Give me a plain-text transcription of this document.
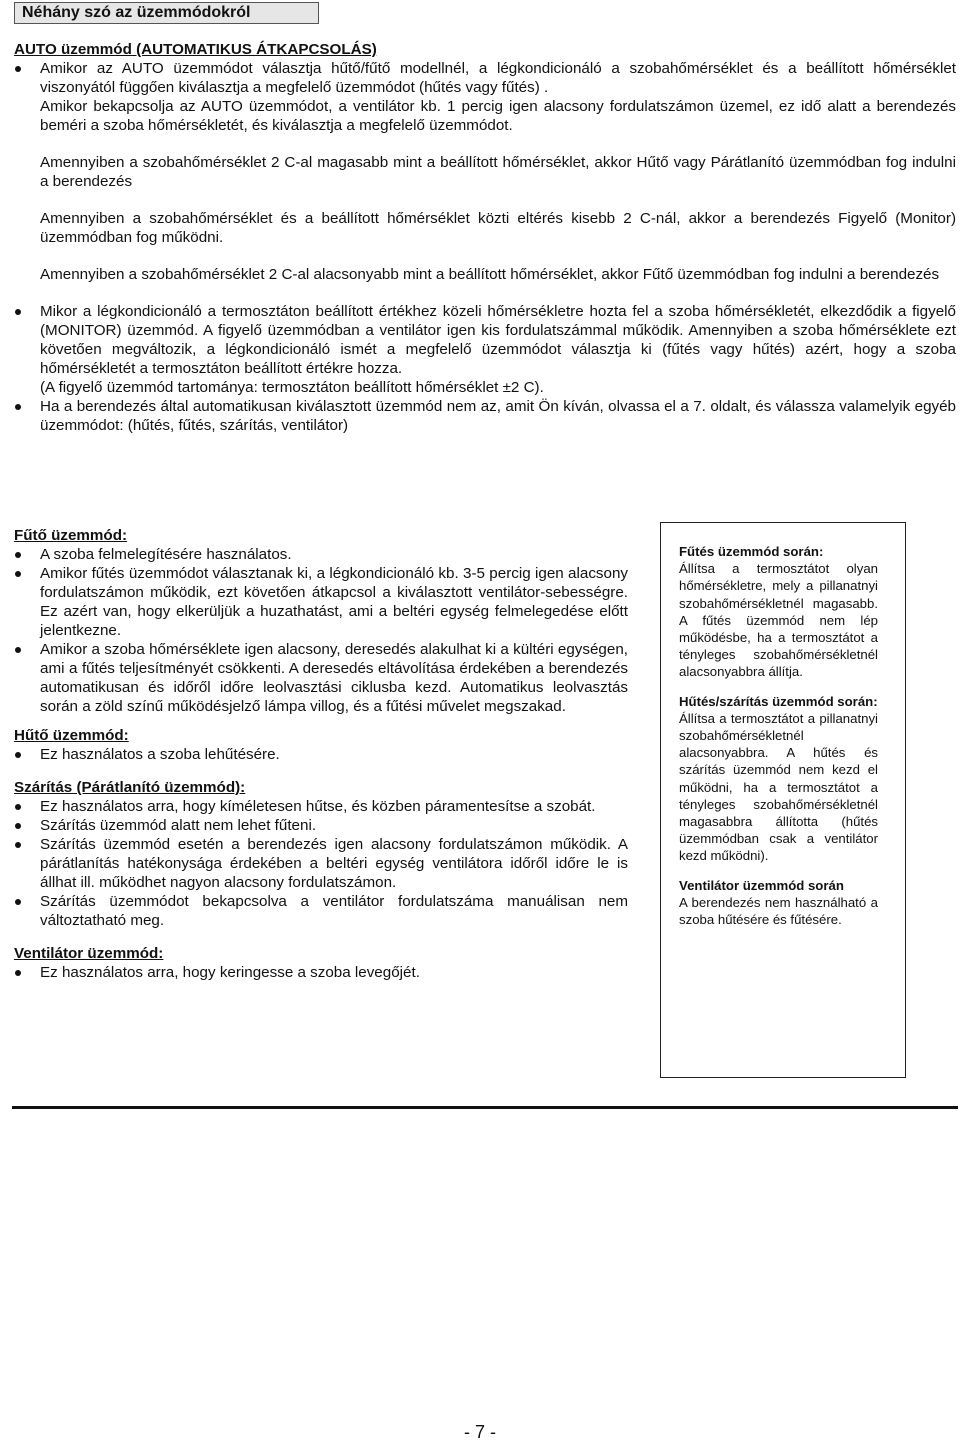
Néhány szó az üzemmódokról

AUTO üzemmód (AUTOMATIKUS ÁTKAPCSOLÁS)

Amikor az AUTO üzemmódot választja hűtő/fűtő modellnél, a légkondicionáló a szobahőmérséklet és a beállított hőmérséklet viszonyától függően kiválasztja a megfelelő üzemmódot (hűtés vagy fűtés) .

Amikor bekapcsolja az AUTO üzemmódot, a ventilátor kb. 1 percig igen alacsony fordulatszámon üzemel, ez idő alatt a berendezés beméri a szoba hőmérsékletét, és kiválasztja a megfelelő üzemmódot.

Amennyiben a szobahőmérséklet 2 C-al magasabb mint a beállított hőmérséklet, akkor Hűtő vagy Párátlanító üzemmódban fog indulni a berendezés

Amennyiben a szobahőmérséklet és a beállított hőmérséklet közti eltérés kisebb 2 C-nál, akkor a berendezés Figyelő (Monitor) üzemmódban fog működni.

Amennyiben a szobahőmérséklet 2 C-al alacsonyabb mint a beállított hőmérséklet, akkor Fűtő üzemmódban fog indulni a berendezés

Mikor a légkondicionáló a termosztáton beállított értékhez közeli hőmérsékletre hozta fel a szoba hőmérsékletét, elkezdődik a figyelő (MONITOR) üzemmód. A figyelő üzemmódban a ventilátor igen kis fordulatszámmal működik. Amennyiben a szoba hőmérséklete ezt követően megváltozik, a légkondicionáló ismét a megfelelő üzemmódot választja ki (fűtés vagy hűtés) azért, hogy a szoba hőmérsékletét a termosztáton beállított értékre hozza.

(A figyelő üzemmód tartománya: termosztáton beállított hőmérséklet ±2 C).

Ha a berendezés által automatikusan kiválasztott üzemmód nem az, amit Ön kíván, olvassa el a 7. oldalt, és válassza valamelyik egyéb üzemmódot: (hűtés, fűtés, szárítás, ventilátor)

Fűtő üzemmód:

A szoba felmelegítésére használatos.

Amikor fűtés üzemmódot választanak ki, a légkondicionáló kb. 3-5 percig igen alacsony fordulatszámon működik, ezt követően átkapcsol a kiválasztott ventilátor-sebességre. Ez azért van, hogy elkerüljük a huzathatást, ami a beltéri egység felmelegedése előtt jelentkezne.

Amikor a szoba hőmérséklete igen alacsony, deresedés alakulhat ki a kültéri egységen, ami a fűtés teljesítményét csökkenti. A deresedés eltávolítása érdekében a berendezés automatikusan és időről időre leolvasztási ciklusba kezd. Automatikus leolvasztás során a zöld színű működésjelző lámpa villog, és a fűtési művelet megszakad.

Hűtő üzemmód:

Ez használatos a szoba lehűtésére.

Szárítás (Párátlanító üzemmód):

Ez használatos arra, hogy kíméletesen hűtse, és közben páramentesítse a szobát.

Szárítás üzemmód alatt nem lehet fűteni.

Szárítás üzemmód esetén a berendezés igen alacsony fordulatszámon működik. A párátlanítás hatékonysága érdekében a beltéri egység ventilátora időről időre le is állhat ill. működhet nagyon alacsony fordulatszámon.

Szárítás üzemmódot bekapcsolva a ventilátor fordulatszáma manuálisan nem változtatható meg.

Ventilátor üzemmód:

Ez használatos arra, hogy keringesse a szoba levegőjét.

Fűtés üzemmód során:

Állítsa a termosztátot olyan hőmérsékletre, mely a pillanatnyi szobahőmérsékletnél magasabb. A fűtés üzemmód nem lép működésbe, ha a termosztátot a tényleges szobahőmérsékletnél alacsonyabbra állítja.

Hűtés/szárítás üzemmód során:

Állítsa a termosztátot a pillanatnyi szobahőmérsékletnél alacsonyabbra. A hűtés és szárítás üzemmód nem kezd el működni, ha a termosztátot a tényleges szobahőmérsékletnél magasabbra állította (hűtés üzemmódban csak a ventilátor kezd működni).

Ventilátor üzemmód során

A berendezés nem használható a szoba hűtésére és fűtésére.

- 7 -
